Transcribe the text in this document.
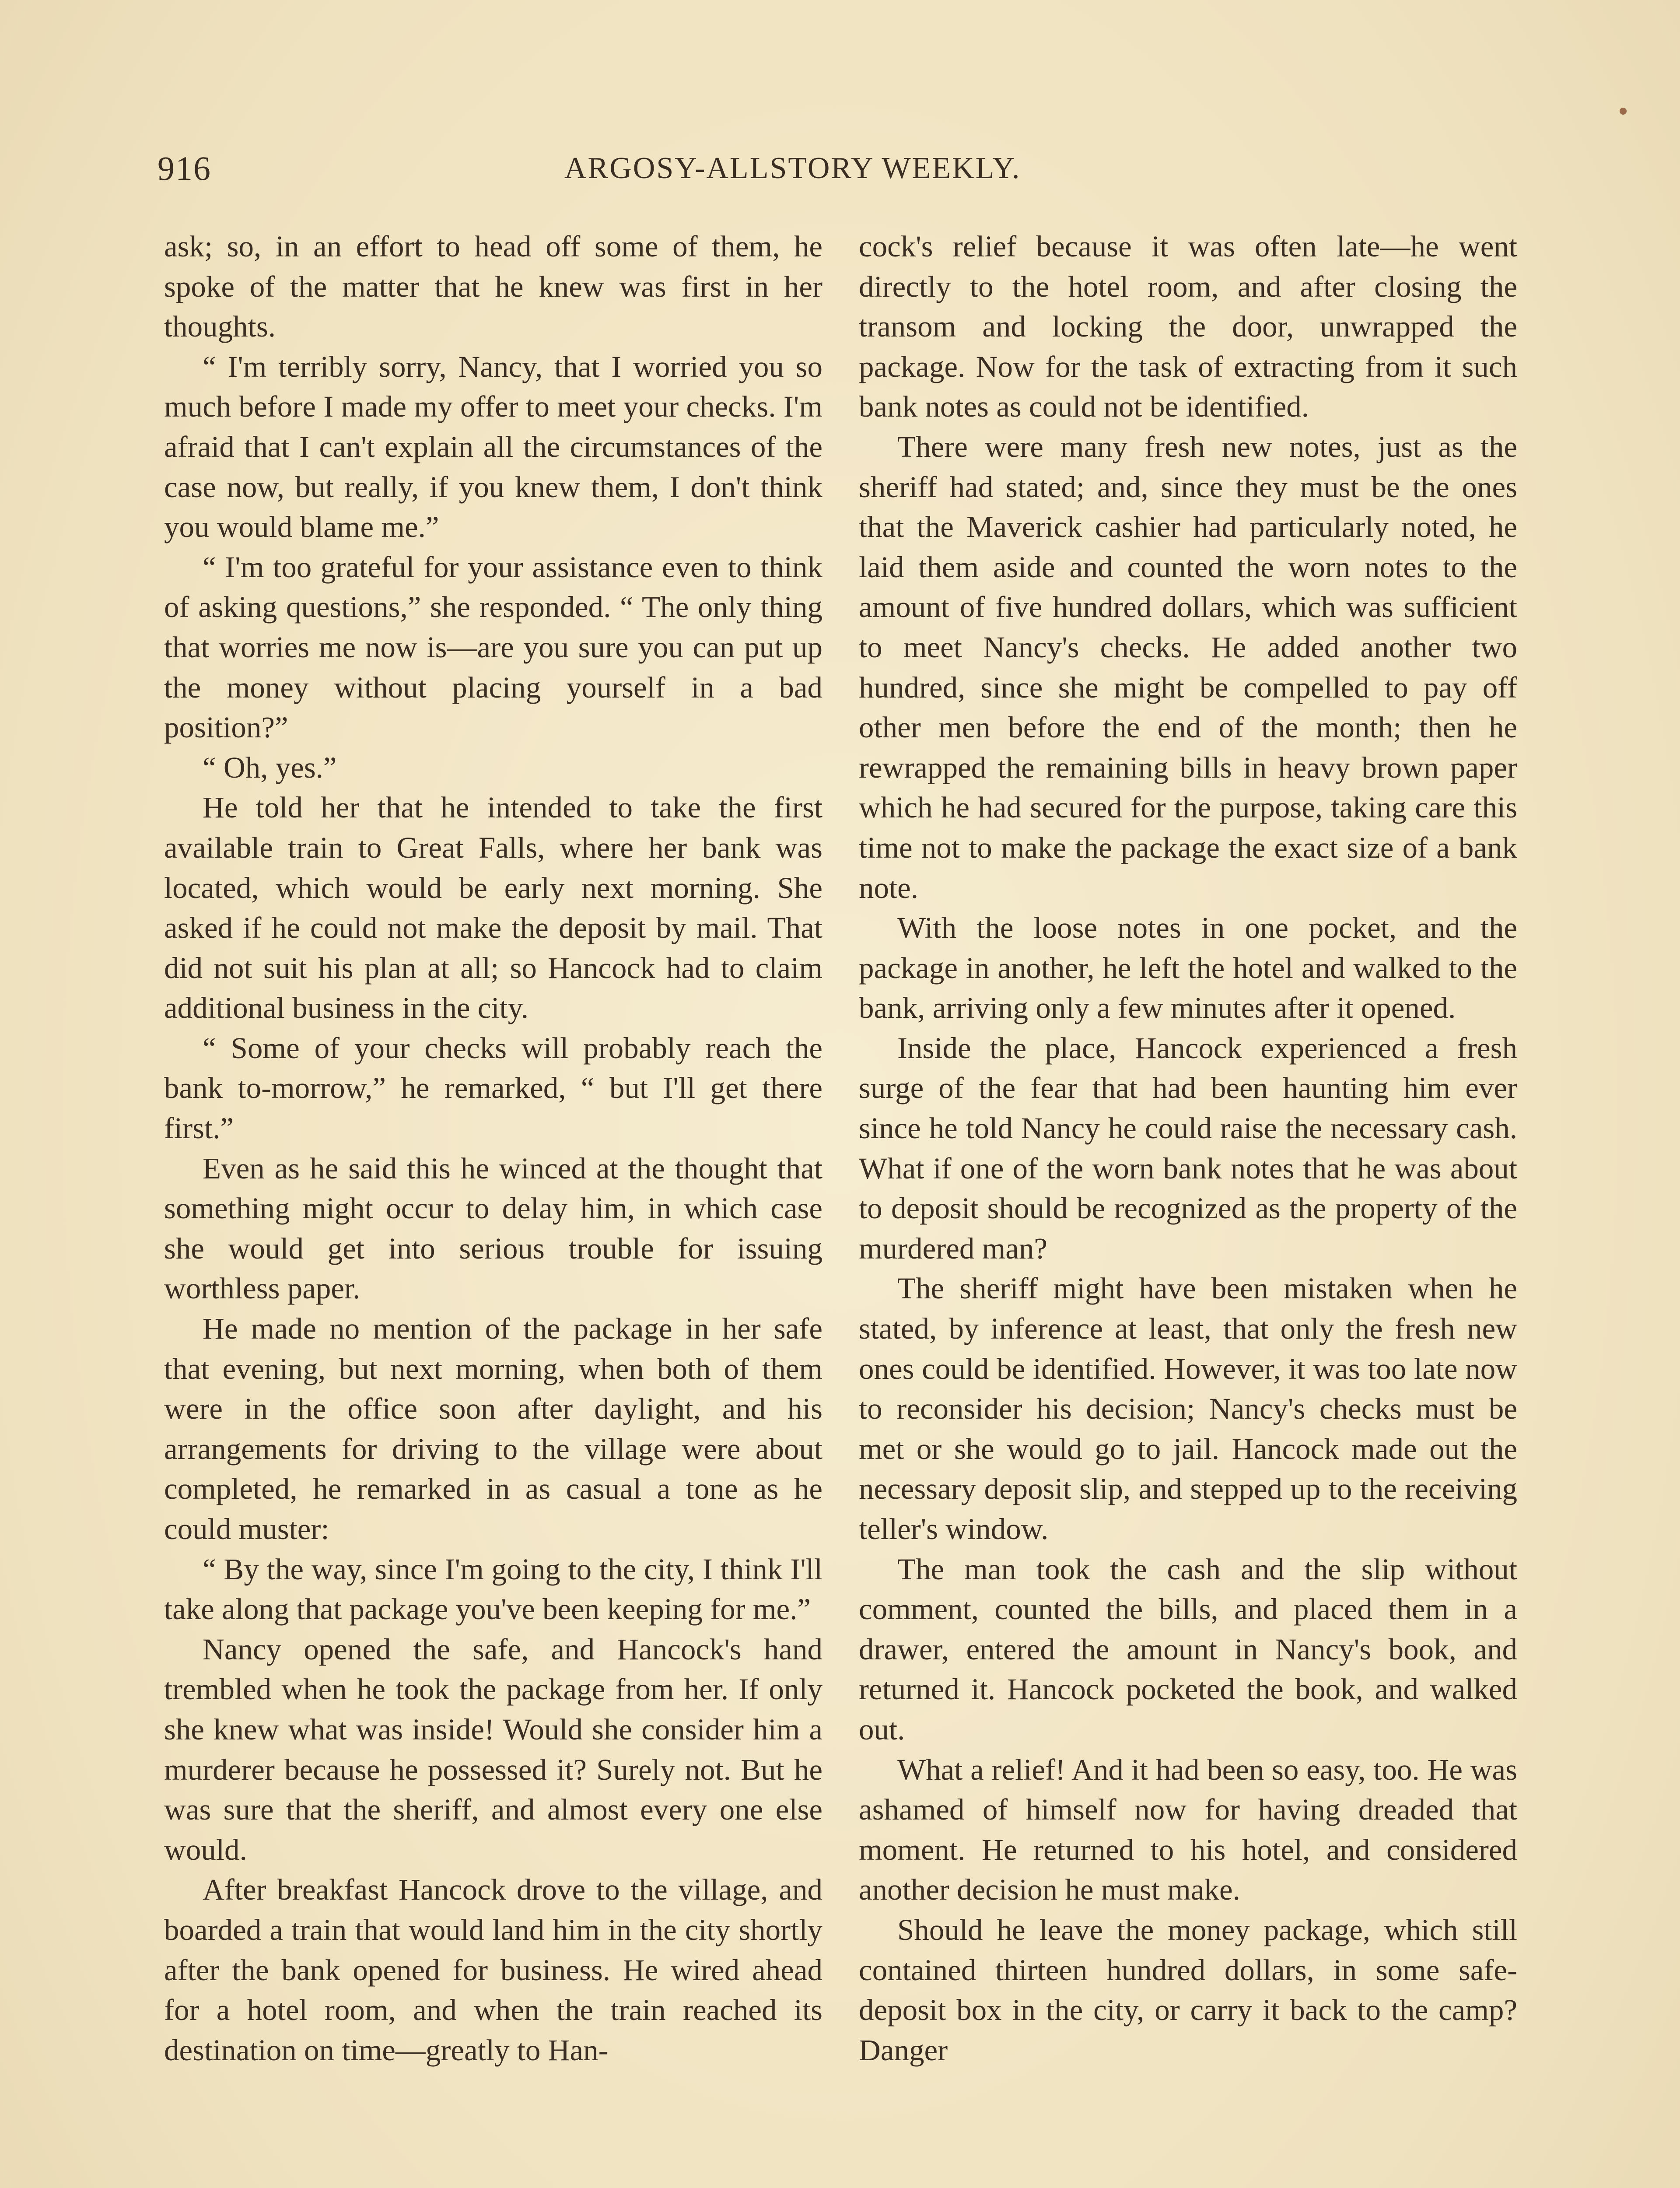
916	ARGOSY-ALLSTORY WEEKLY.

ask; so, in an effort to head off some of them, he spoke of the matter that he knew was first in her thoughts.

“ I'm terribly sorry, Nancy, that I worried you so much before I made my offer to meet your checks. I'm afraid that I can't explain all the circumstances of the case now, but really, if you knew them, I don't think you would blame me.”

“ I'm too grateful for your assistance even to think of asking questions,” she responded. “ The only thing that worries me now is—are you sure you can put up the money without placing yourself in a bad position?”

“ Oh, yes.”

He told her that he intended to take the first available train to Great Falls, where her bank was located, which would be early next morning. She asked if he could not make the deposit by mail. That did not suit his plan at all; so Hancock had to claim additional business in the city.

“ Some of your checks will probably reach the bank to-morrow,” he remarked, “ but I'll get there first.”

Even as he said this he winced at the thought that something might occur to delay him, in which case she would get into serious trouble for issuing worthless paper.

He made no mention of the package in her safe that evening, but next morning, when both of them were in the office soon after daylight, and his arrangements for driving to the village were about completed, he remarked in as casual a tone as he could muster:

“ By the way, since I'm going to the city, I think I'll take along that package you've been keeping for me.”

Nancy opened the safe, and Hancock's hand trembled when he took the package from her. If only she knew what was inside! Would she consider him a murderer because he possessed it? Surely not. But he was sure that the sheriff, and almost every one else would.

After breakfast Hancock drove to the village, and boarded a train that would land him in the city shortly after the bank opened for business. He wired ahead for a hotel room, and when the train reached its destination on time—greatly to Han-

cock's relief because it was often late—he went directly to the hotel room, and after closing the transom and locking the door, unwrapped the package. Now for the task of extracting from it such bank notes as could not be identified.

There were many fresh new notes, just as the sheriff had stated; and, since they must be the ones that the Maverick cashier had particularly noted, he laid them aside and counted the worn notes to the amount of five hundred dollars, which was sufficient to meet Nancy's checks. He added another two hundred, since she might be compelled to pay off other men before the end of the month; then he rewrapped the remaining bills in heavy brown paper which he had secured for the purpose, taking care this time not to make the package the exact size of a bank note.

With the loose notes in one pocket, and the package in another, he left the hotel and walked to the bank, arriving only a few minutes after it opened.

Inside the place, Hancock experienced a fresh surge of the fear that had been haunting him ever since he told Nancy he could raise the necessary cash. What if one of the worn bank notes that he was about to deposit should be recognized as the property of the murdered man?

The sheriff might have been mistaken when he stated, by inference at least, that only the fresh new ones could be identified. However, it was too late now to reconsider his decision; Nancy's checks must be met or she would go to jail. Hancock made out the necessary deposit slip, and stepped up to the receiving teller's window.

The man took the cash and the slip without comment, counted the bills, and placed them in a drawer, entered the amount in Nancy's book, and returned it. Hancock pocketed the book, and walked out.

What a relief! And it had been so easy, too. He was ashamed of himself now for having dreaded that moment. He returned to his hotel, and considered another decision he must make.

Should he leave the money package, which still contained thirteen hundred dollars, in some safe-deposit box in the city, or carry it back to the camp? Danger
